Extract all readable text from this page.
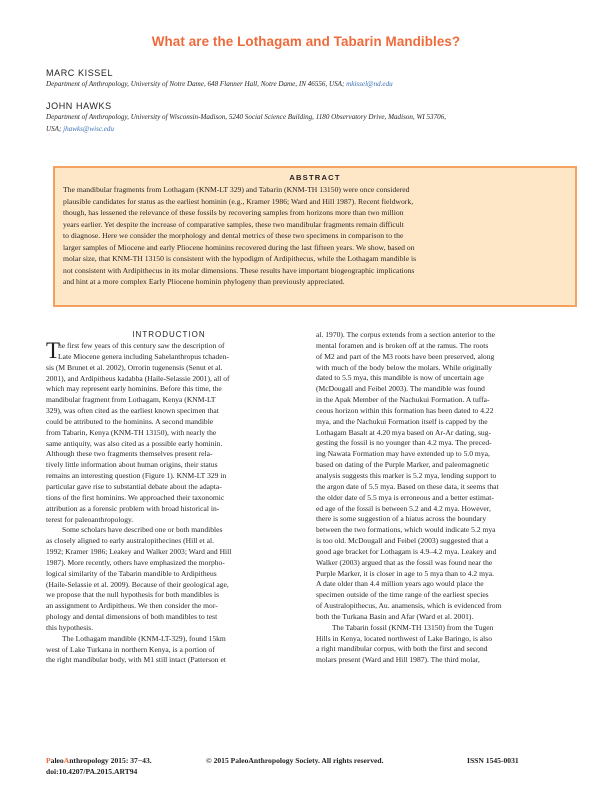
What are the Lothagam and Tabarin Mandibles?
MARC KISSEL
Department of Anthropology, University of Notre Dame, 648 Flanner Hall, Notre Dame, IN 46556, USA; mkissel@nd.edu
JOHN HAWKS
Department of Anthropology, University of Wisconsin-Madison, 5240 Social Science Building, 1180 Observatory Drive, Madison, WI 53706,
USA; jhawks@wisc.edu
ABSTRACT
The mandibular fragments from Lothagam (KNM-LT 329) and Tabarin (KNM-TH 13150) were once considered
plausible candidates for status as the earliest hominin (e.g., Kramer 1986; Ward and Hill 1987). Recent fieldwork,
though, has lessened the relevance of these fossils by recovering samples from horizons more than two million
years earlier. Yet despite the increase of comparative samples, these two mandibular fragments remain difficult
to diagnose. Here we consider the morphology and dental metrics of these two specimens in comparison to the
larger samples of Miocene and early Pliocene hominins recovered during the last fifteen years. We show, based on
molar size, that KNM-TH 13150 is consistent with the hypodigm of Ardipithecus, while the Lothagam mandible is
not consistent with Ardipithecus in its molar dimensions. These results have important biogeographic implications
and hint at a more complex Early Pliocene hominin phylogeny than previously appreciated.
INTRODUCTION
T
he first few years of this century saw the description of
Late Miocene genera including Sahelanthropus tchaden-
sis (M Brunet et al. 2002), Orrorin tugenensis (Senut et al.
2001), and Ardipitheus kadabba (Haile-Selassie 2001), all of
which may represent early hominins. Before this time, the
mandibular fragment from Lothagam, Kenya (KNM-LT
329), was often cited as the earliest known specimen that
could be attributed to the hominins. A second mandible
from Tabarin, Kenya (KNM-TH 13150), with nearly the
same antiquity, was also cited as a possible early hominin.
Although these two fragments themselves present rela-
tively little information about human origins, their status
remains an interesting question (Figure 1). KNM-LT 329 in
particular gave rise to substantial debate about the adapta-
tions of the first hominins. We approached their taxonomic
attribution as a forensic problem with broad historical in-
terest for paleoanthropology.
Some scholars have described one or both mandibles
as closely aligned to early australopithecines (Hill et al.
1992; Kramer 1986; Leakey and Walker 2003; Ward and Hill
1987). More recently, others have emphasized the morpho-
logical similarity of the Tabarin mandible to Ardipitheus
(Haile-Selassie et al. 2009). Because of their geological age,
we propose that the null hypothesis for both mandibles is
an assignment to Ardipitheus. We then consider the mor-
phology and dental dimensions of both mandibles to test
this hypothesis.
The Lothagam mandible (KNM-LT-329), found 15km
west of Lake Turkana in northern Kenya, is a portion of
the right mandibular body, with M1 still intact (Patterson et
al. 1970). The corpus extends from a section anterior to the
mental foramen and is broken off at the ramus. The roots
of M2 and part of the M3 roots have been preserved, along
with much of the body below the molars. While originally
dated to 5.5 mya, this mandible is now of uncertain age
(McDougall and Feibel 2003). The mandible was found
in the Apak Member of the Nachukui Formation. A tuffa-
ceous horizon within this formation has been dated to 4.22
mya, and the Nachukui Formation itself is capped by the
Lothagam Basalt at 4.20 mya based on Ar-Ar dating, sug-
gesting the fossil is no younger than 4.2 mya. The preced-
ing Nawata Formation may have extended up to 5.0 mya,
based on dating of the Purple Marker, and paleomagnetic
analysis suggests this marker is 5.2 mya, lending support to
the argon date of 5.5 mya. Based on these data, it seems that
the older date of 5.5 mya is erroneous and a better estimat-
ed age of the fossil is between 5.2 and 4.2 mya. However,
there is some suggestion of a hiatus across the boundary
between the two formations, which would indicate 5.2 mya
is too old. McDougall and Feibel (2003) suggested that a
good age bracket for Lothagam is 4.9–4.2 mya. Leakey and
Walker (2003) argued that as the fossil was found near the
Purple Marker, it is closer in age to 5 mya than to 4.2 mya.
A date older than 4.4 million years ago would place the
specimen outside of the time range of the earliest species
of Australopithecus, Au. anamensis, which is evidenced from
both the Turkana Basin and Afar (Ward et al. 2001).
The Tabarin fossil (KNM-TH 13150) from the Tugen
Hills in Kenya, located northwest of Lake Baringo, is also
a right mandibular corpus, with both the first and second
molars present (Ward and Hill 1987). The third molar,
PaleoAnthropology 2015: 37−43.	© 2015 PaleoAnthropology Society. All rights reserved.	ISSN 1545-0031
doi:10.4207/PA.2015.ART94
